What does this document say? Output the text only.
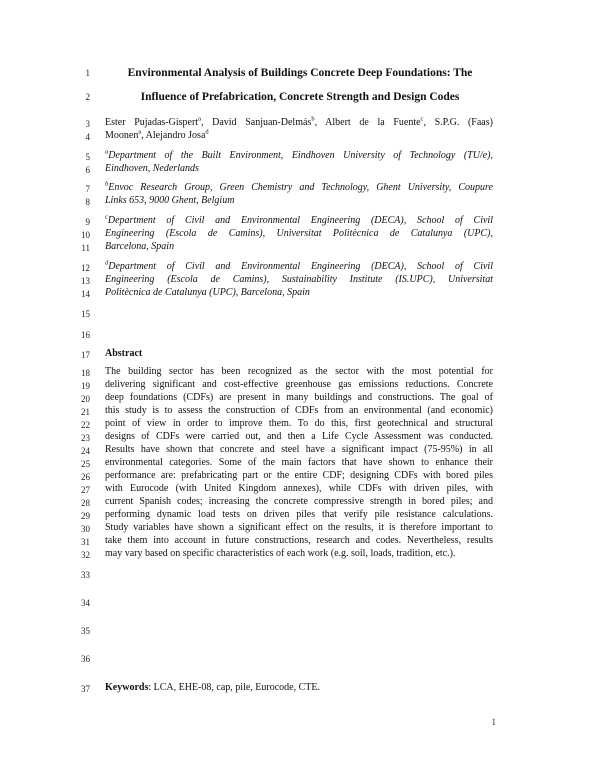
1
2
3
4
5
6
7
8
9
10
11
12
13
14
15
16
17
18
19
20
21
22
23
24
25
26
27
28
29
30
31
32
33
34
35
36
37
Environmental Analysis of Buildings Concrete Deep Foundations: The
Influence of Prefabrication, Concrete Strength and Design Codes
Ester Pujadas-Gispert$^a$, David Sanjuan-Delmás$^b$, Albert de la Fuente$^c$, S.P.G. (Faas)
Moonen$^a$, Alejandro Josa$^d$
$^a$Department of the Built Environment, Eindhoven University of Technology (TU/e),
Eindhoven, Nederlands
$^b$Envoc Research Group, Green Chemistry and Technology, Ghent University, Coupure
Links 653, 9000 Ghent, Belgium
$^c$Department of Civil and Environmental Engineering (DECA), School of Civil
Engineering (Escola de Camins), Universitat Politècnica de Catalunya (UPC),
Barcelona, Spain
$^d$Department of Civil and Environmental Engineering (DECA), School of Civil
Engineering (Escola de Camins), Sustainability Institute (IS.UPC), Universitat
Politècnica de Catalunya (UPC), Barcelona, Spain
Abstract
The building sector has been recognized as the sector with the most potential for
delivering significant and cost-effective greenhouse gas emissions reductions. Concrete
deep foundations (CDFs) are present in many buildings and constructions. The goal of
this study is to assess the construction of CDFs from an environmental (and economic)
point of view in order to improve them. To do this, first geotechnical and structural
designs of CDFs were carried out, and then a Life Cycle Assessment was conducted.
Results have shown that concrete and steel have a significant impact (75-95%) in all
environmental categories. Some of the main factors that have shown to enhance their
performance are: prefabricating part or the entire CDF; designing CDFs with bored piles
with Eurocode (with United Kingdom annexes), while CDFs with driven piles, with
current Spanish codes; increasing the concrete compressive strength in bored piles; and
performing dynamic load tests on driven piles that verify pile resistance calculations.
Study variables have shown a significant effect on the results, it is therefore important to
take them into account in future constructions, research and codes. Nevertheless, results
may vary based on specific characteristics of each work (e.g. soil, loads, tradition, etc.).
Keywords: LCA, EHE-08, cap, pile, Eurocode, CTE.
1
